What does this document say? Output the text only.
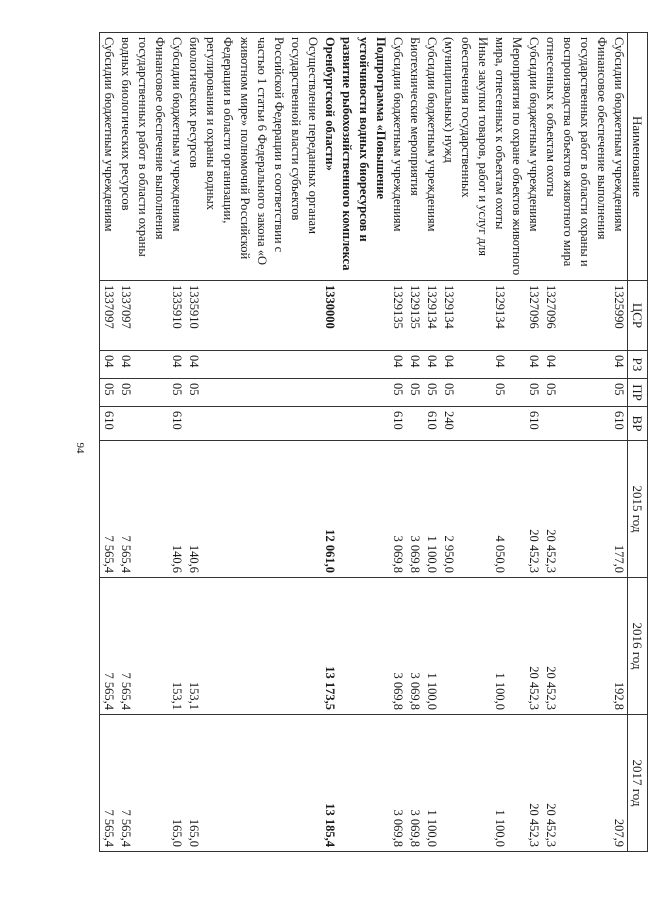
94
Наименование	ЦСР	РЗ	ПР	ВР	2015 год	2016 год	2017 год
Субсидии бюджетным учреждениям	1325990	04	05	610	177,0	192,8	207,9
Финансовое обеспечение выполнения государственных работ в области охраны и воспроизводства объектов животного мира отнесенных к объектам охоты	1327096	04	05		20 452,3	20 452,3	20 452,3
Субсидии бюджетным учреждениям	1327096	04	05	610	20 452,3	20 452,3	20 452,3
Мероприятия по охране объектов животного мира, отнесенных к объектам охоты	1329134	04	05		4 050,0	1 100,0	1 100,0
Иные закупки товаров, работ и услуг для обеспечения государственных (муниципальных) нужд	1329134	04	05	240	2 950,0		
Субсидии бюджетным учреждениям	1329134	04	05	610	1 100,0	1 100,0	1 100,0
Биотехнические мероприятия	1329135	04	05		3 069,8	3 069,8	3 069,8
Субсидии бюджетным учреждениям	1329135	04	05	610	3 069,8	3 069,8	3 069,8
Подпрограмма «Повышение устойчивости водных биоресурсов и развитие рыбохозяйственного комплекса Оренбургской области»	1330000				12 061,0	13 173,5	13 185,4
Осуществление переданных органам государственной власти субъектов Российской Федерации в соответствии с частью 1 статьи 6 Федерального закона «О животном мире» полномочий Российской Федерации в области организации, регулирования и охраны водных биологических ресурсов	1335910	04	05		140,6	153,1	165,0
Субсидии бюджетным учреждениям	1335910	04	05	610	140,6	153,1	165,0
Финансовое обеспечение выполнения государственных работ в области охраны водных биологических ресурсов	1337097	04	05		7 565,4	7 565,4	7 565,4
Субсидии бюджетным учреждениям	1337097	04	05	610	7 565,4	7 565,4	7 565,4
